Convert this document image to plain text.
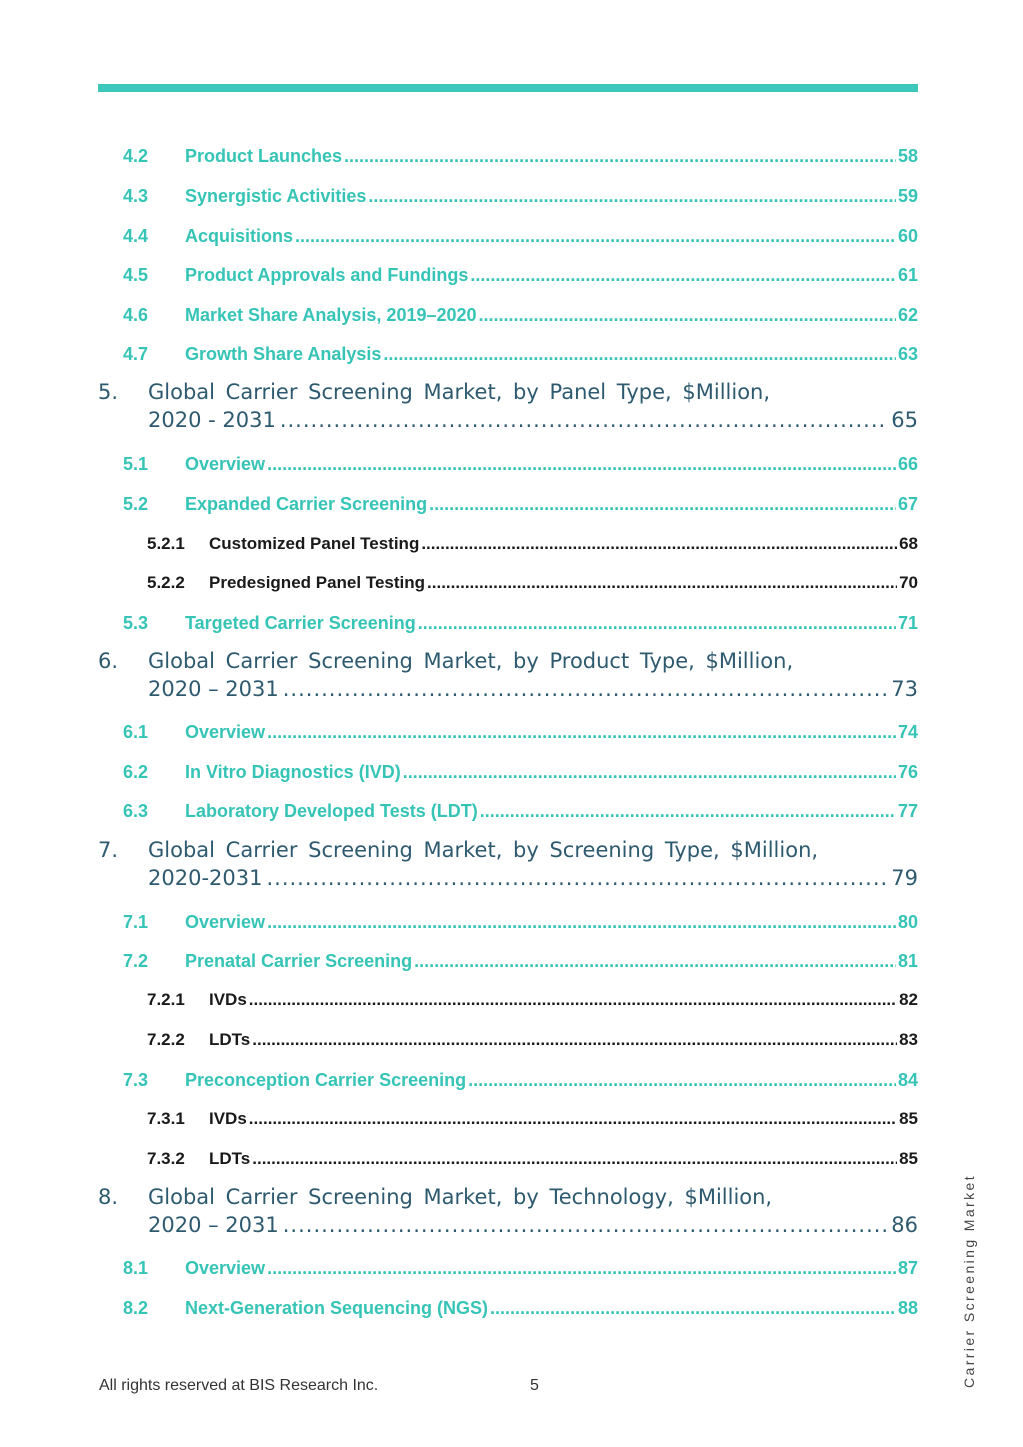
4.2	Product Launches .....	58
4.3	Synergistic Activities .....	59
4.4	Acquisitions .....	60
4.5	Product Approvals and Fundings .....	61
4.6	Market Share Analysis, 2019–2020 .....	62
4.7	Growth Share Analysis .....	63
5.	Global Carrier Screening Market, by Panel Type, $Million,
2020 - 2031 .....	65
5.1	Overview .....	66
5.2	Expanded Carrier Screening .....	67
5.2.1	Customized Panel Testing .....	68
5.2.2	Predesigned Panel Testing .....	70
5.3	Targeted Carrier Screening .....	71
6.	Global Carrier Screening Market, by Product Type, $Million,
2020 – 2031 .....	73
6.1	Overview .....	74
6.2	In Vitro Diagnostics (IVD) .....	76
6.3	Laboratory Developed Tests (LDT) .....	77
7.	Global Carrier Screening Market, by Screening Type, $Million,
2020-2031 .....	79
7.1	Overview .....	80
7.2	Prenatal Carrier Screening .....	81
7.2.1	IVDs .....	82
7.2.2	LDTs .....	83
7.3	Preconception Carrier Screening .....	84
7.3.1	IVDs .....	85
7.3.2	LDTs .....	85
8.	Global Carrier Screening Market, by Technology, $Million,
2020 – 2031 .....	86
8.1	Overview .....	87
8.2	Next-Generation Sequencing (NGS) .....	88
All rights reserved at BIS Research Inc.	5	Carrier Screening Market
